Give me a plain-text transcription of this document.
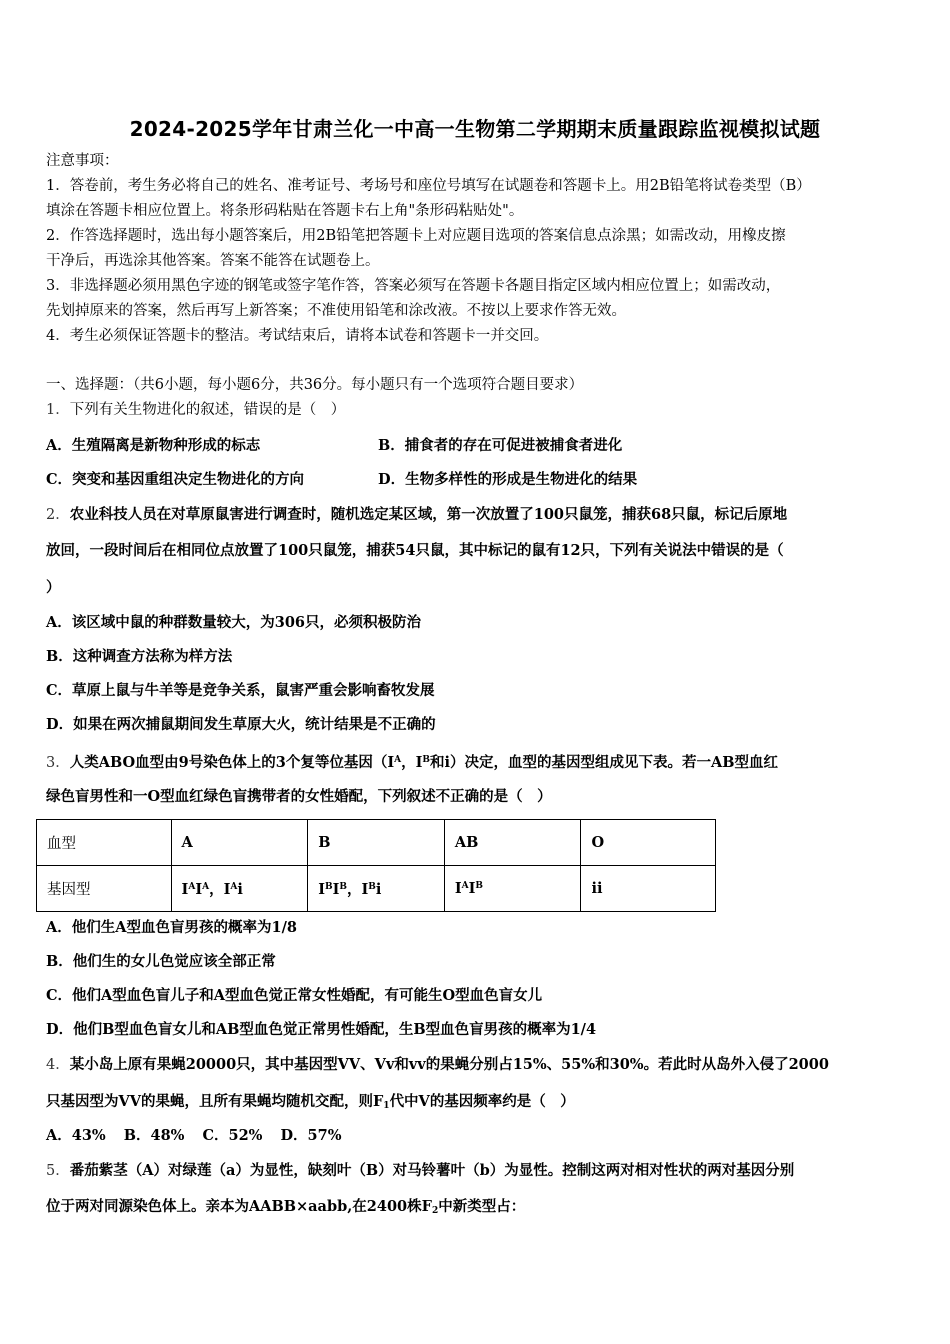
2024-2025学年甘肃兰化一中高一生物第二学期期末质量跟踪监视模拟试题
注意事项：
1．答卷前，考生务必将自己的姓名、准考证号、考场号和座位号填写在试题卷和答题卡上。用2B铅笔将试卷类型（B）
填涂在答题卡相应位置上。将条形码粘贴在答题卡右上角"条形码粘贴处"。
2．作答选择题时，选出每小题答案后，用2B铅笔把答题卡上对应题目选项的答案信息点涂黑；如需改动，用橡皮擦
干净后，再选涂其他答案。答案不能答在试题卷上。
3．非选择题必须用黑色字迹的钢笔或签字笔作答，答案必须写在答题卡各题目指定区域内相应位置上；如需改动，
先划掉原来的答案，然后再写上新答案；不准使用铅笔和涂改液。不按以上要求作答无效。
4．考生必须保证答题卡的整洁。考试结束后，请将本试卷和答题卡一并交回。
一、选择题：（共6小题，每小题6分，共36分。每小题只有一个选项符合题目要求）
1．下列有关生物进化的叙述，错误的是（　）
A．生殖隔离是新物种形成的标志	B．捕食者的存在可促进被捕食者进化
C．突变和基因重组决定生物进化的方向	D．生物多样性的形成是生物进化的结果
2．农业科技人员在对草原鼠害进行调查时，随机选定某区域，第一次放置了100只鼠笼，捕获68只鼠，标记后原地
放回，一段时间后在相同位点放置了100只鼠笼，捕获54只鼠，其中标记的鼠有12只，下列有关说法中错误的是（
）
A．该区域中鼠的种群数量较大，为306只，必须积极防治
B．这种调查方法称为样方法
C．草原上鼠与牛羊等是竞争关系，鼠害严重会影响畜牧发展
D．如果在两次捕鼠期间发生草原大火，统计结果是不正确的
3．人类ABO血型由9号染色体上的3个复等位基因（$I^A$，$I^B$和i）决定，血型的基因型组成见下表。若一AB型血红
绿色盲男性和一O型血红绿色盲携带者的女性婚配，下列叙述不正确的是（　）
血型	A	B	AB	O
基因型	$I^AI^A$，$I^Ai$	$I^BI^B$，$I^Bi$	$I^AI^B$	ii
A．他们生A型血色盲男孩的概率为1/8
B．他们生的女儿色觉应该全部正常
C．他们A型血色盲儿子和A型血色觉正常女性婚配，有可能生O型血色盲女儿
D．他们B型血色盲女儿和AB型血色觉正常男性婚配，生B型血色盲男孩的概率为1/4
4．某小岛上原有果蝇20000只，其中基因型VV、Vv和vv的果蝇分别占15%、55%和30%。若此时从岛外入侵了2000
只基因型为VV的果蝇，且所有果蝇均随机交配，则$F_1$代中V的基因频率约是（　）
A．43% B．48% C．52% D．57%
5．番茄紫茎（A）对绿莲（a）为显性，缺刻叶（B）对马铃薯叶（b）为显性。控制这两对相对性状的两对基因分别
位于两对同源染色体上。亲本为AABB×aabb,在2400株$F_2$中新类型占：
